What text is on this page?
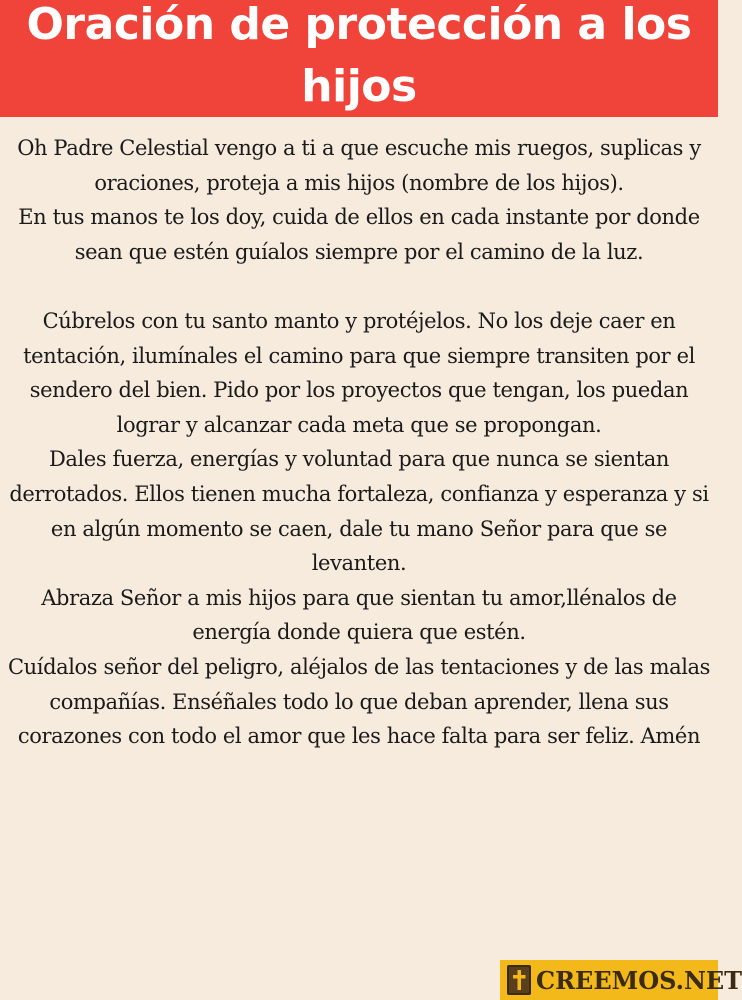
Oración de protección a los hijos
Oh Padre Celestial vengo a ti a que escuche mis ruegos, suplicas y oraciones, proteja a mis hijos (nombre de los hijos).
En tus manos te los doy, cuida de ellos en cada instante por donde sean que estén guíalos siempre por el camino de la luz.
Cúbrelos con tu santo manto y protéjelos. No los deje caer en tentación, ilumínales el camino para que siempre transiten por el sendero del bien. Pido por los proyectos que tengan, los puedan lograr y alcanzar cada meta que se propongan.
Dales fuerza, energías y voluntad para que nunca se sientan derrotados. Ellos tienen mucha fortaleza, confianza y esperanza y si en algún momento se caen, dale tu mano Señor para que se levanten.
Abraza Señor a mis hijos para que sientan tu amor,llénalos de energía donde quiera que estén.
Cuídalos señor del peligro, aléjalos de las tentaciones y de las malas compañías. Enséñales todo lo que deban aprender, llena sus corazones con todo el amor que les hace falta para ser feliz. Amén
CREEMOS.NET
